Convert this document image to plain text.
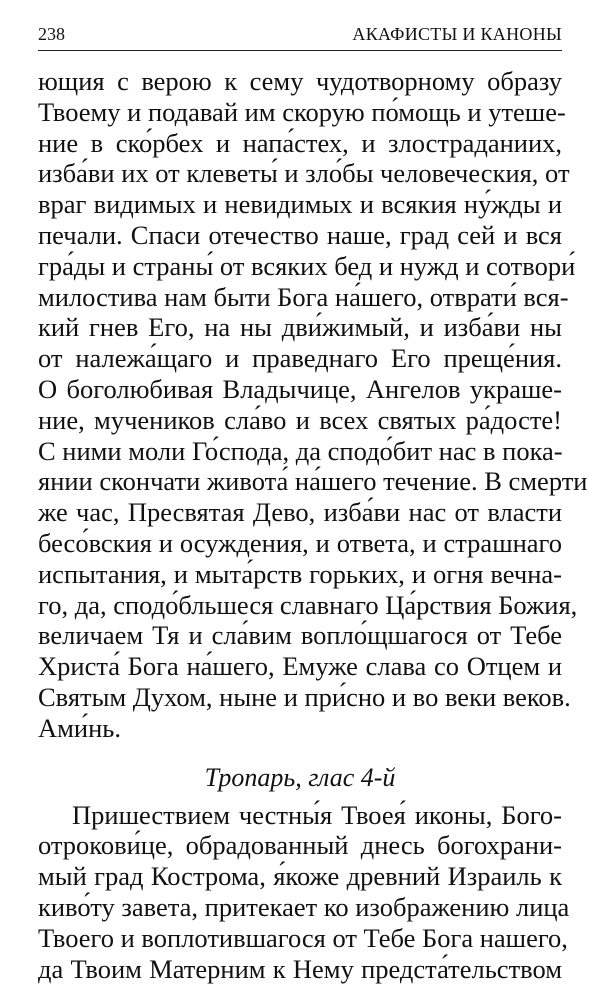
238	АКАФИСТЫ И КАНОНЫ
ющия с верою к сему чудотворному образу
Твоему и подавай им скорую по́мощь и утеше-
ние в ско́рбех и напа́стех, и злостраданиих,
изба́ви их от клеветы́ и зло́бы человеческия, от
враг видимых и невидимых и всякия ну́жды и
печали. Спаси отечество наше, град сей и вся
гра́ды и страны́ от всяких бед и нужд и сотвори́
милостива нам быти Бога на́шего, отврати́ вся-
кий гнев Его, на ны дви́жимый, и изба́ви ны
от належа́щаго и праведнаго Его преще́ния.
О боголюбивая Владычице, Ангелов украше-
ние, мучеников сла́во и всех святых ра́досте!
С ними моли Го́спода, да сподо́бит нас в пока-
янии скончати живота́ на́шего течение. В смерти
же час, Пресвятая Дево, изба́ви нас от власти
бесо́вския и осуждения, и ответа, и страшнаго
испытания, и мыта́рств горьких, и огня вечна-
го, да, сподо́бльшеся славнаго Ца́рствия Божия,
величаем Тя и сла́вим вопло́щшагося от Тебе
Христа́ Бога на́шего, Емуже слава со Отцем и
Святым Духом, ныне и при́сно и во веки веков.
Ами́нь.
Тропарь, глас 4-й
Пришествием честны́я Твоея́ иконы, Бого-
отрокови́це, обрадованный днесь богохрани-
мый град Кострома, я́коже древний Израиль к
киво́ту завета, притекает ко изображению лица
Твоего и воплотившагося от Тебе Бога нашего,
да Твоим Матерним к Нему предста́тельством
